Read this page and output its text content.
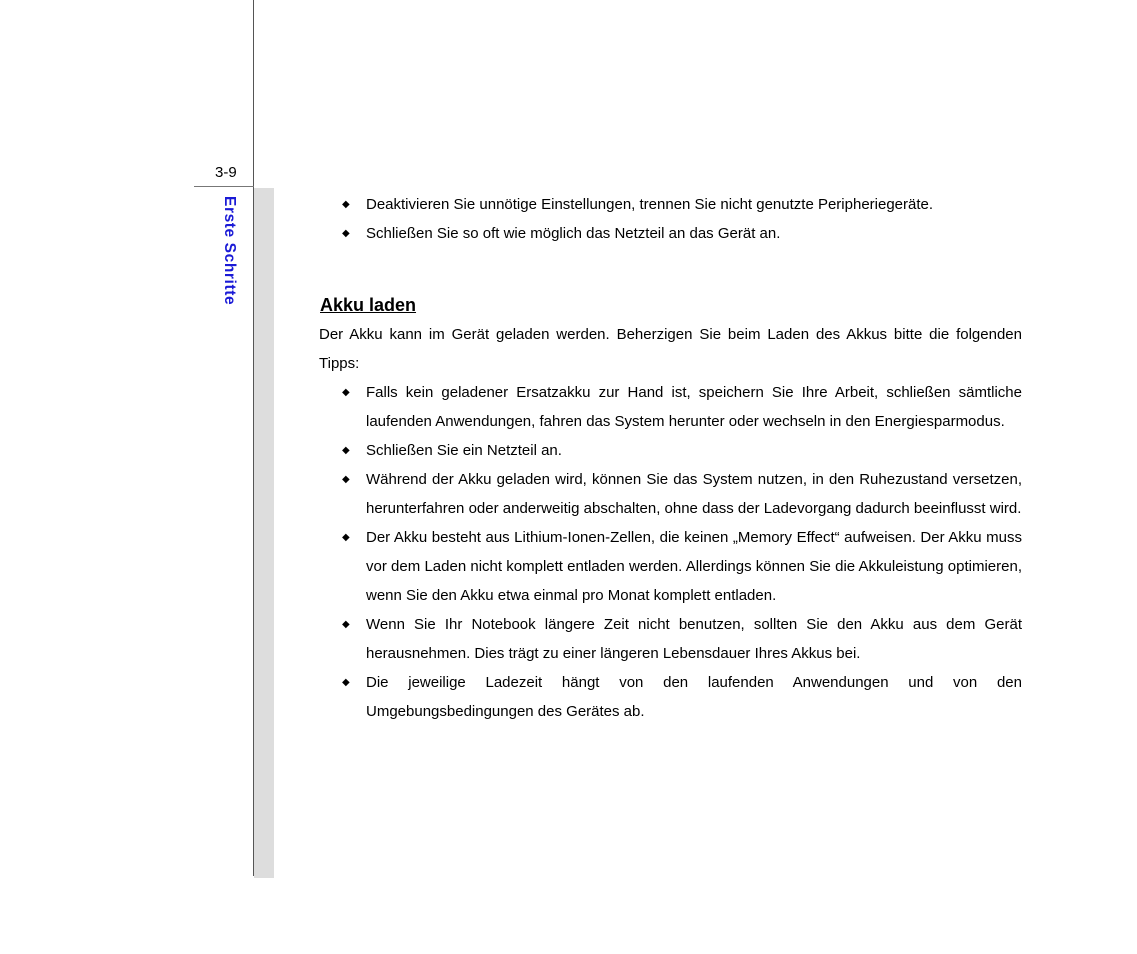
3-9
Erste Schritte	◆ Deaktivieren Sie unnötige Einstellungen, trennen Sie nicht genutzte Peripheriegeräte.
◆ Schließen Sie so oft wie möglich das Netzteil an das Gerät an.
Akku laden

Der Akku kann im Gerät geladen werden. Beherzigen Sie beim Laden des Akkus bitte die folgenden Tipps:

◆ Falls kein geladener Ersatzakku zur Hand ist, speichern Sie Ihre Arbeit, schließen sämtliche laufenden Anwendungen, fahren das System herunter oder wechseln in den Energiesparmodus.
◆ Schließen Sie ein Netzteil an.
◆ Während der Akku geladen wird, können Sie das System nutzen, in den Ruhezustand versetzen, herunterfahren oder anderweitig abschalten, ohne dass der Ladevorgang dadurch beeinflusst wird.
◆ Der Akku besteht aus Lithium-Ionen-Zellen, die keinen „Memory Effect“ aufweisen. Der Akku muss vor dem Laden nicht komplett entladen werden. Allerdings können Sie die Akkuleistung optimieren, wenn Sie den Akku etwa einmal pro Monat komplett entladen.
◆ Wenn Sie Ihr Notebook längere Zeit nicht benutzen, sollten Sie den Akku aus dem Gerät herausnehmen. Dies trägt zu einer längeren Lebensdauer Ihres Akkus bei.
◆ Die jeweilige Ladezeit hängt von den laufenden Anwendungen und von den Umgebungsbedingungen des Gerätes ab.
